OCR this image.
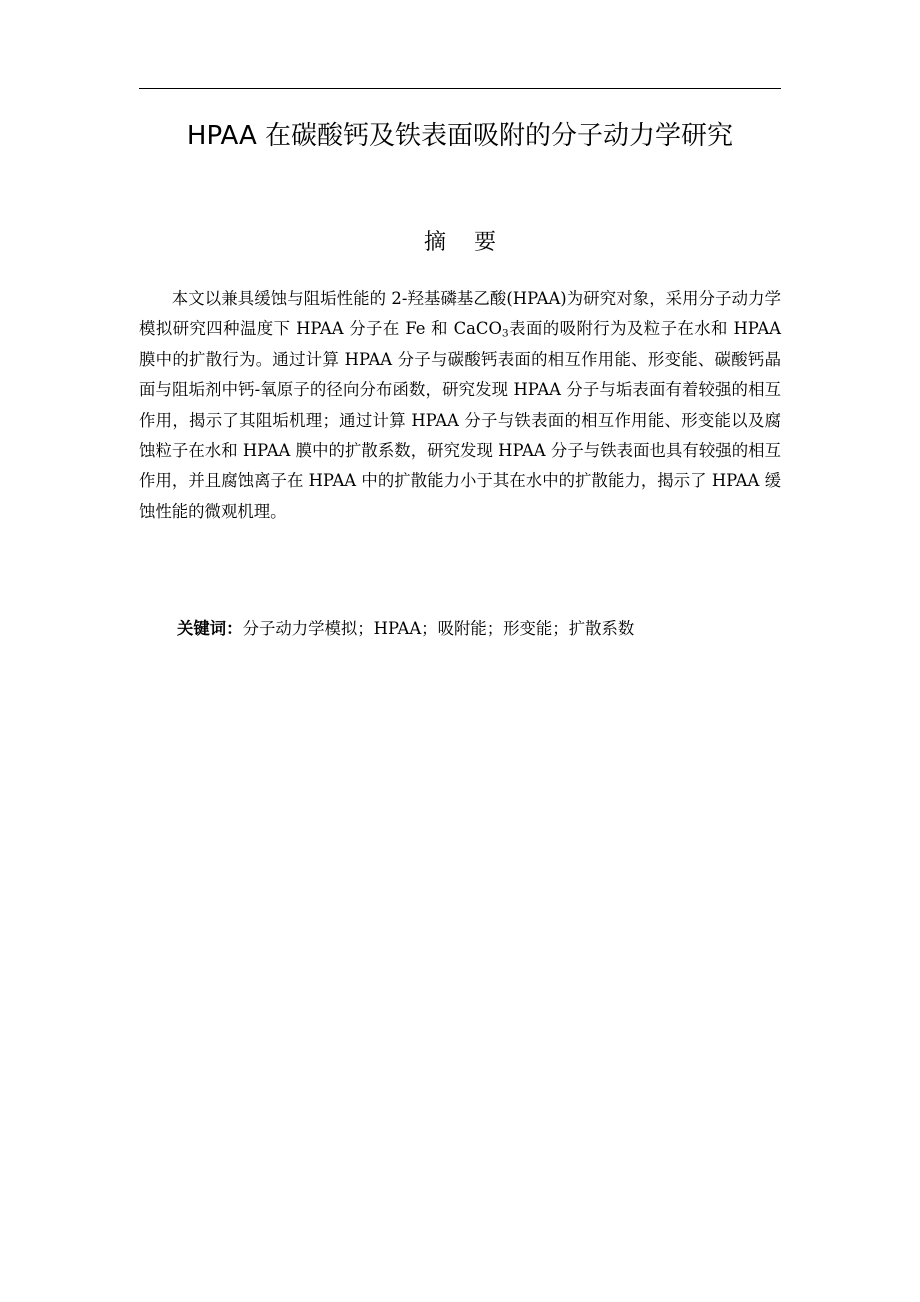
HPAA 在碳酸钙及铁表面吸附的分子动力学研究
摘要

本文以兼具缓蚀与阻垢性能的 2-羟基磷基乙酸(HPAA)为研究对象，采用分子动力学模拟研究四种温度下 HPAA 分子在 Fe 和 CaCO$_3$表面的吸附行为及粒子在水和 HPAA 膜中的扩散行为。通过计算 HPAA 分子与碳酸钙表面的相互作用能、形变能、碳酸钙晶面与阻垢剂中钙-氧原子的径向分布函数，研究发现 HPAA 分子与垢表面有着较强的相互作用，揭示了其阻垢机理；通过计算 HPAA 分子与铁表面的相互作用能、形变能以及腐蚀粒子在水和 HPAA 膜中的扩散系数，研究发现 HPAA 分子与铁表面也具有较强的相互作用，并且腐蚀离子在 HPAA 中的扩散能力小于其在水中的扩散能力，揭示了 HPAA 缓蚀性能的微观机理。

关键词：分子动力学模拟；HPAA；吸附能；形变能；扩散系数
